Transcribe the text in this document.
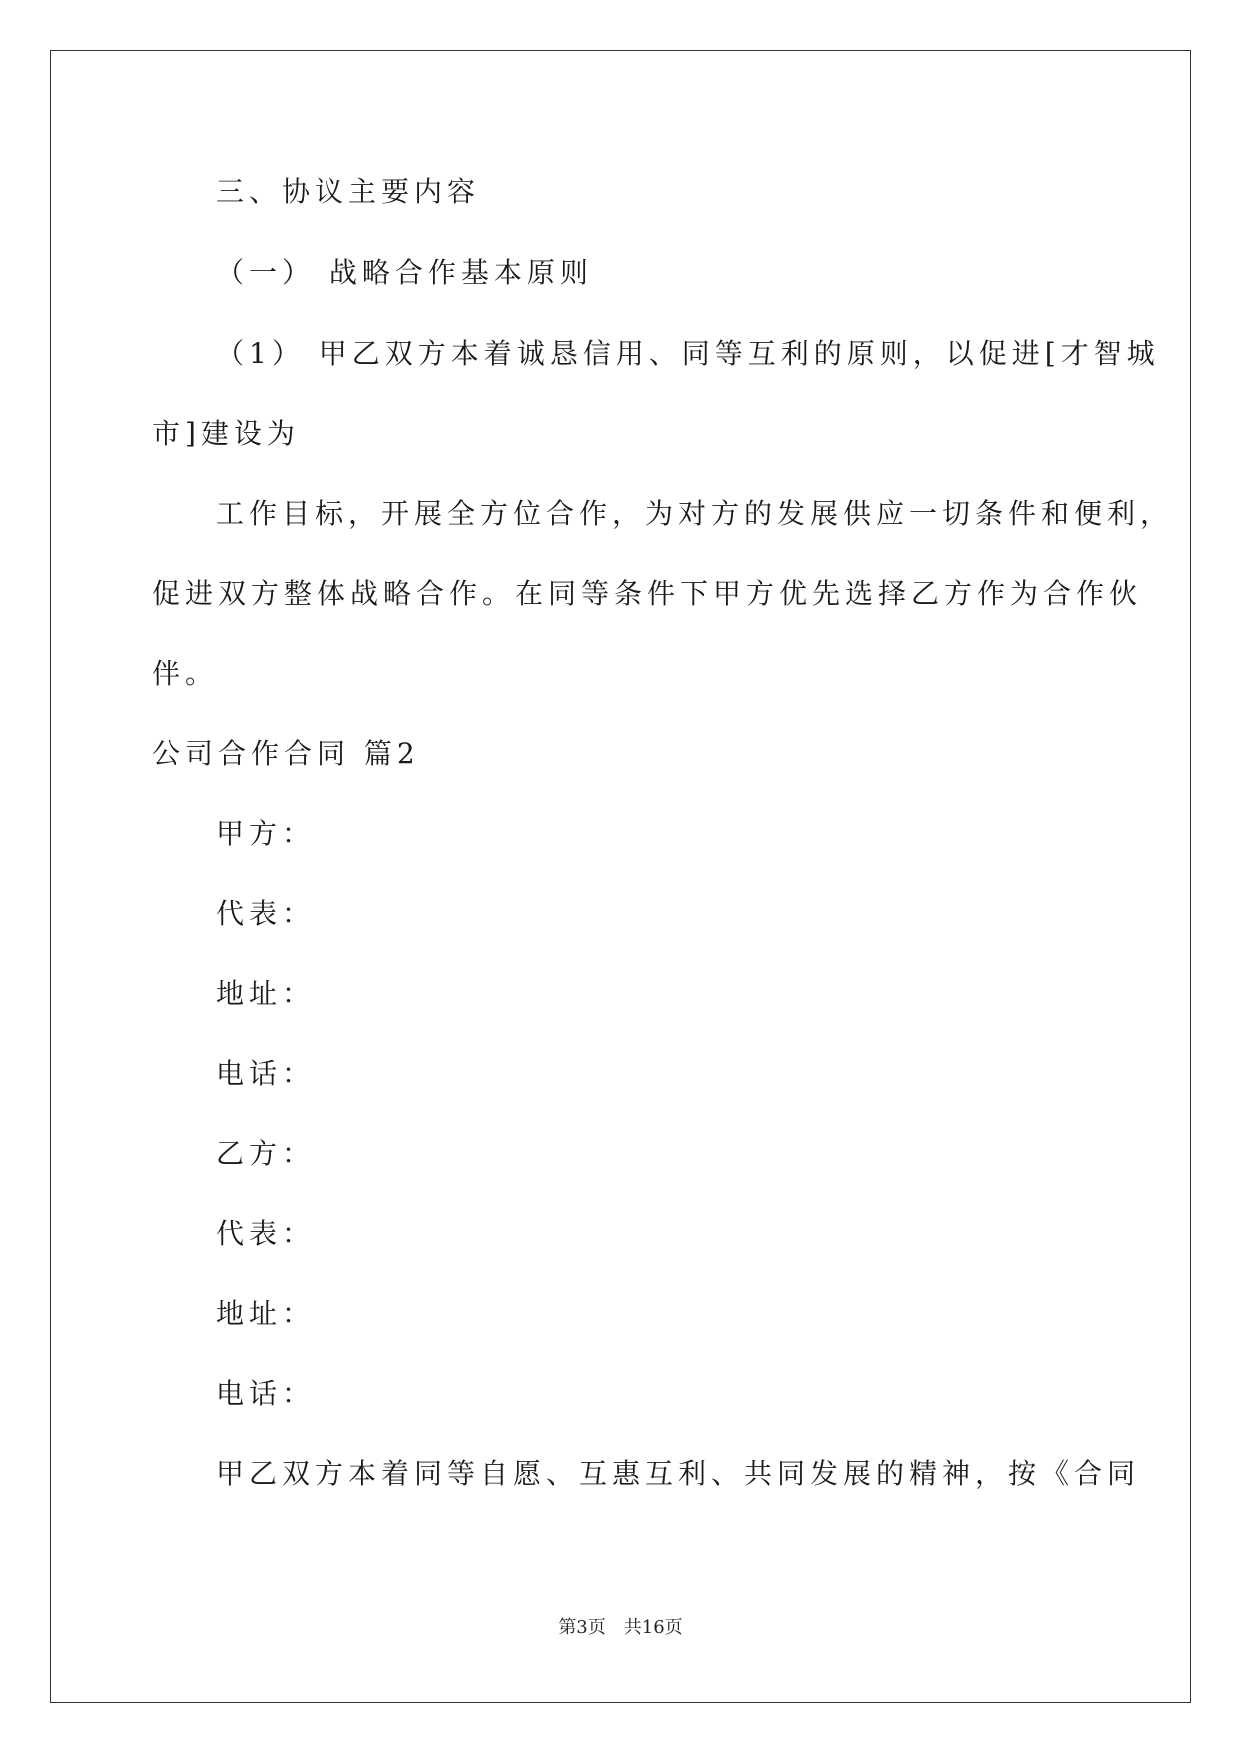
三、协议主要内容
（一） 战略合作基本原则
（1） 甲乙双方本着诚恳信用、同等互利的原则，以促进[才智城
市]建设为
工作目标，开展全方位合作，为对方的发展供应一切条件和便利，
促进双方整体战略合作。在同等条件下甲方优先选择乙方作为合作伙
伴。
公司合作合同 篇2
甲方：
代表：
地址：
电话：
乙方：
代表：
地址：
电话：
甲乙双方本着同等自愿、互惠互利、共同发展的精神，按《合同
第3页　共16页
